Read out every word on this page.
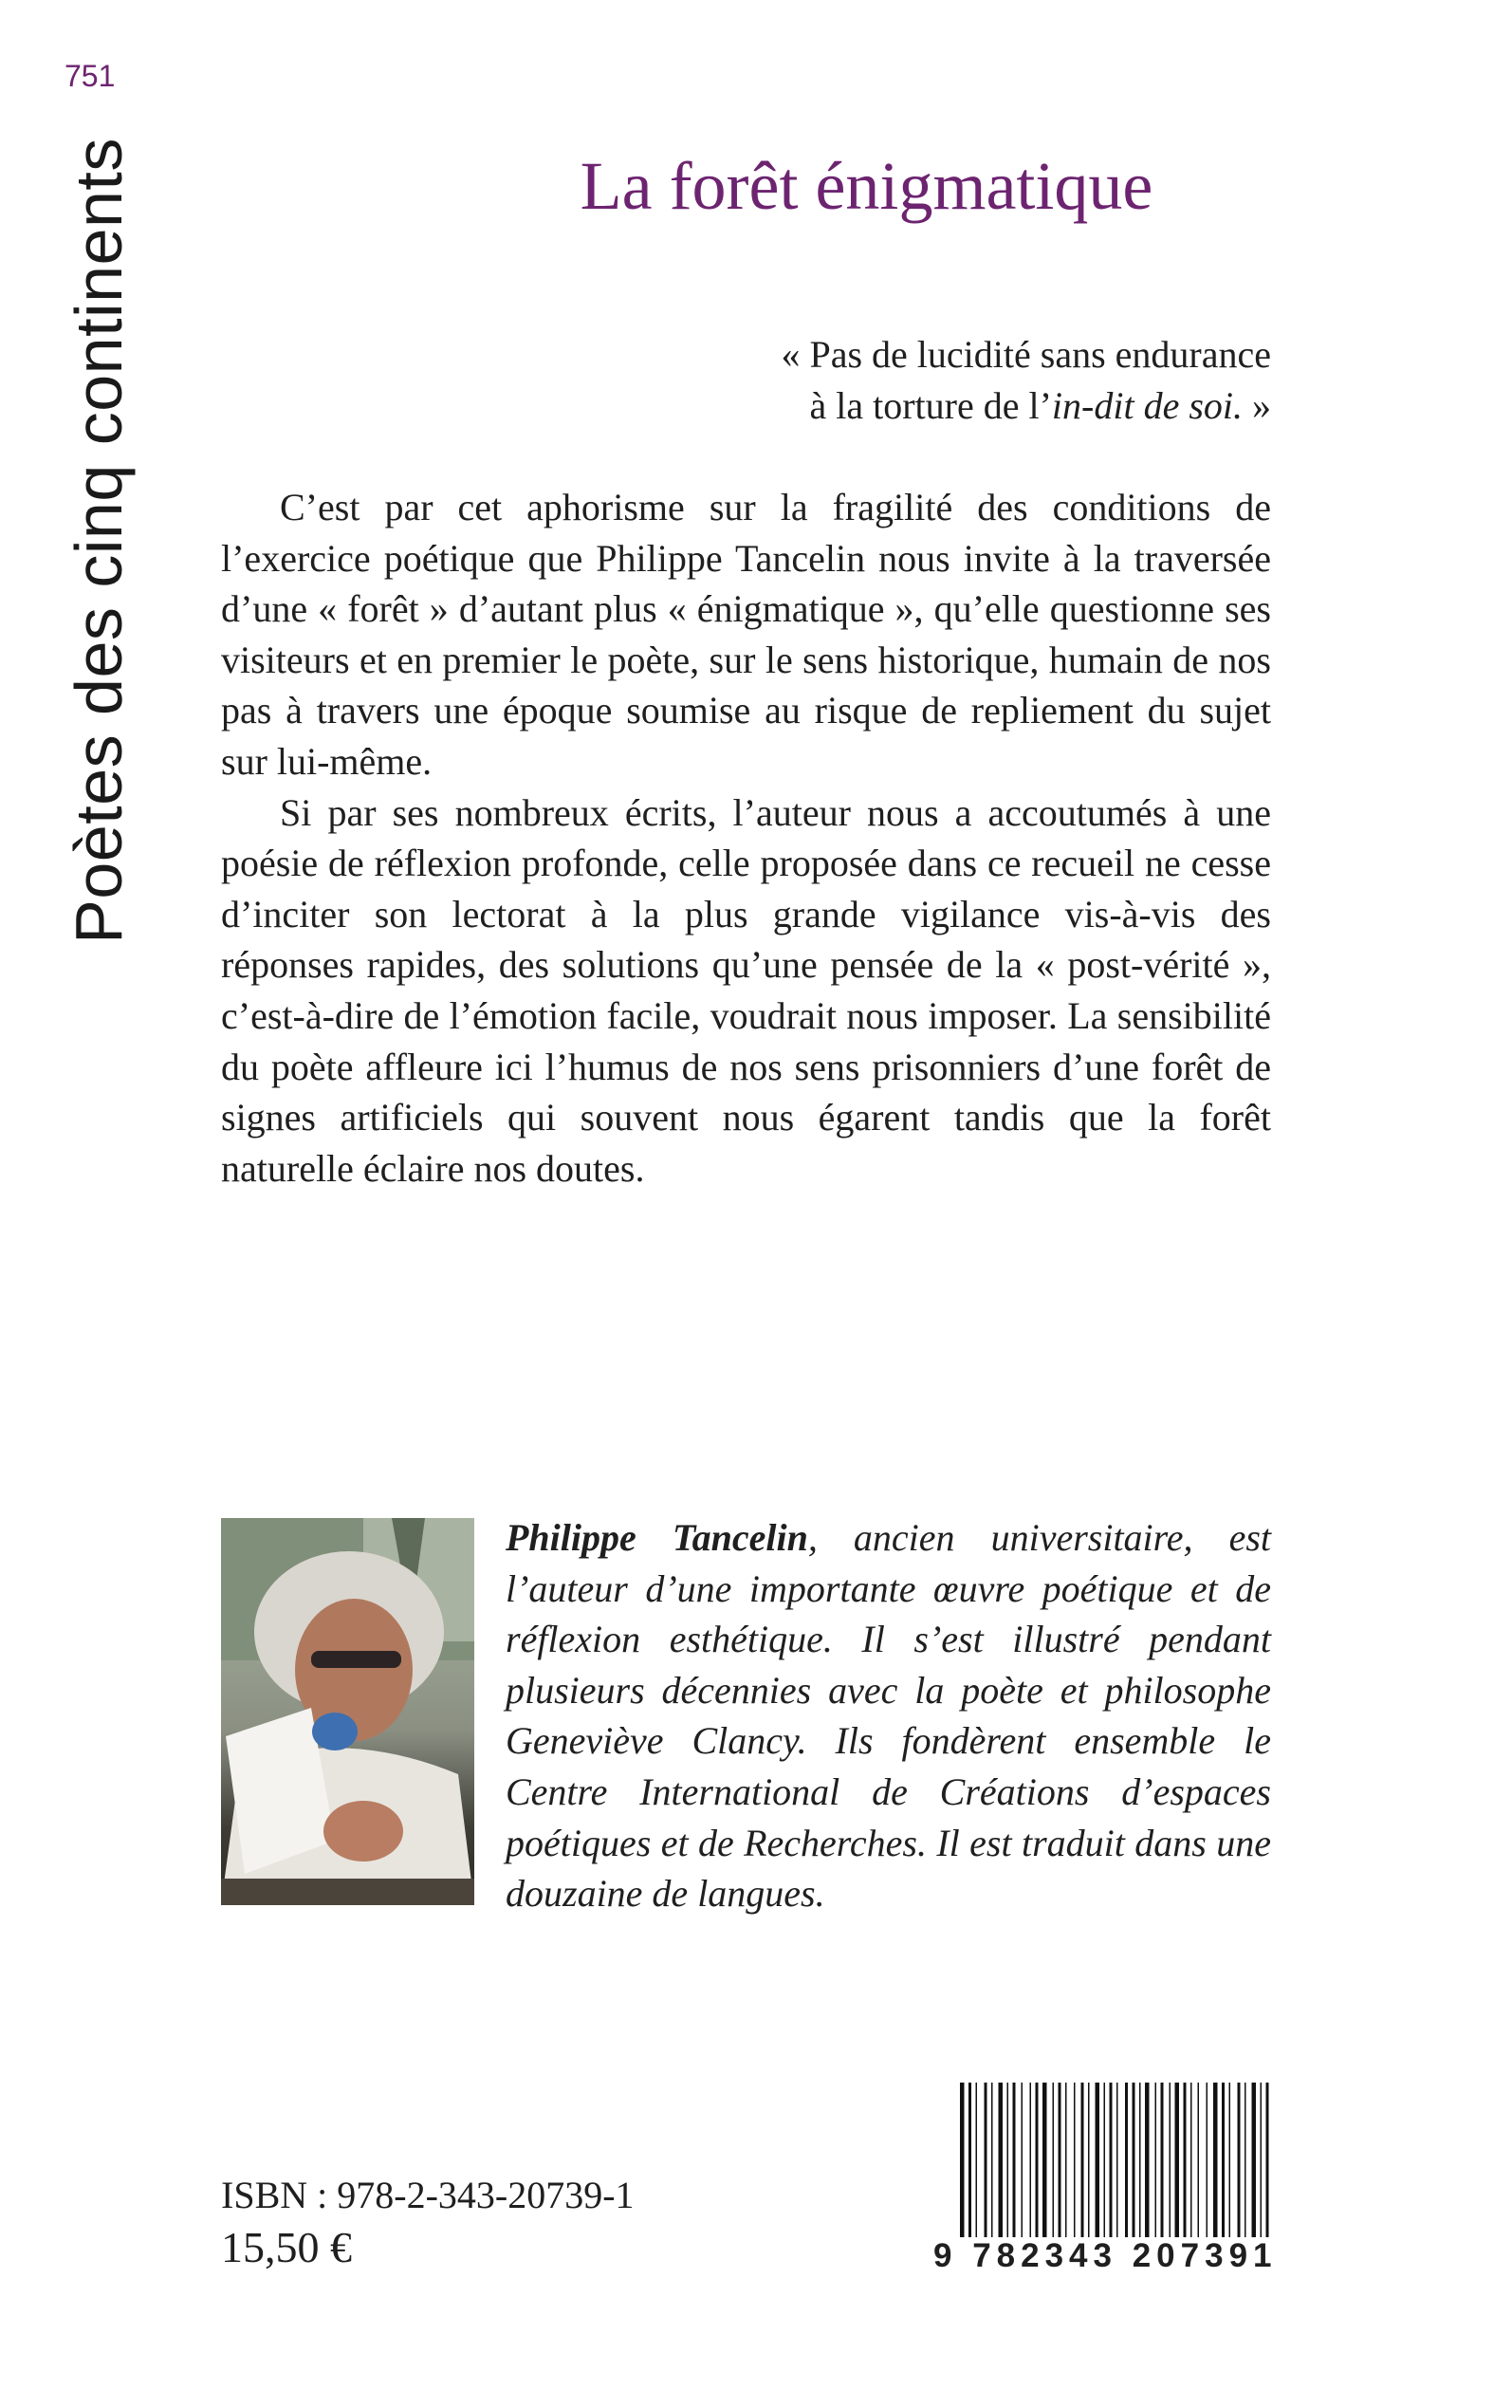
751
Poètes des cinq continents	La forêt énigmatique
« Pas de lucidité sans endurance
à la torture de l’in-dit de soi. »

C’est par cet aphorisme sur la fragilité des conditions de l’exercice poétique que Philippe Tancelin nous invite à la traversée d’une « forêt » d’autant plus « énigmatique », qu’elle questionne ses visiteurs et en premier le poète, sur le sens historique, humain de nos pas à travers une époque soumise au risque de repliement du sujet sur lui-même.

Si par ses nombreux écrits, l’auteur nous a accoutumés à une poésie de réflexion profonde, celle proposée dans ce recueil ne cesse d’inciter son lectorat à la plus grande vigilance vis-à-vis des réponses rapides, des solutions qu’une pensée de la « post-vérité », c’est-à-dire de l’émotion facile, voudrait nous imposer. La sensibilité du poète affleure ici l’humus de nos sens prisonniers d’une forêt de signes artificiels qui souvent nous égarent tandis que la forêt naturelle éclaire nos doutes.

Philippe Tancelin, ancien universitaire, est l’auteur d’une importante œuvre poétique et de réflexion esthétique. Il s’est illustré pendant plusieurs décennies avec la poète et philosophe Geneviève Clancy. Ils fondèrent ensemble le Centre International de Créations d’espaces poétiques et de Recherches. Il est traduit dans une douzaine de langues.
ISBN : 978-2-343-20739-1
15,50 €	9 782343 207391
